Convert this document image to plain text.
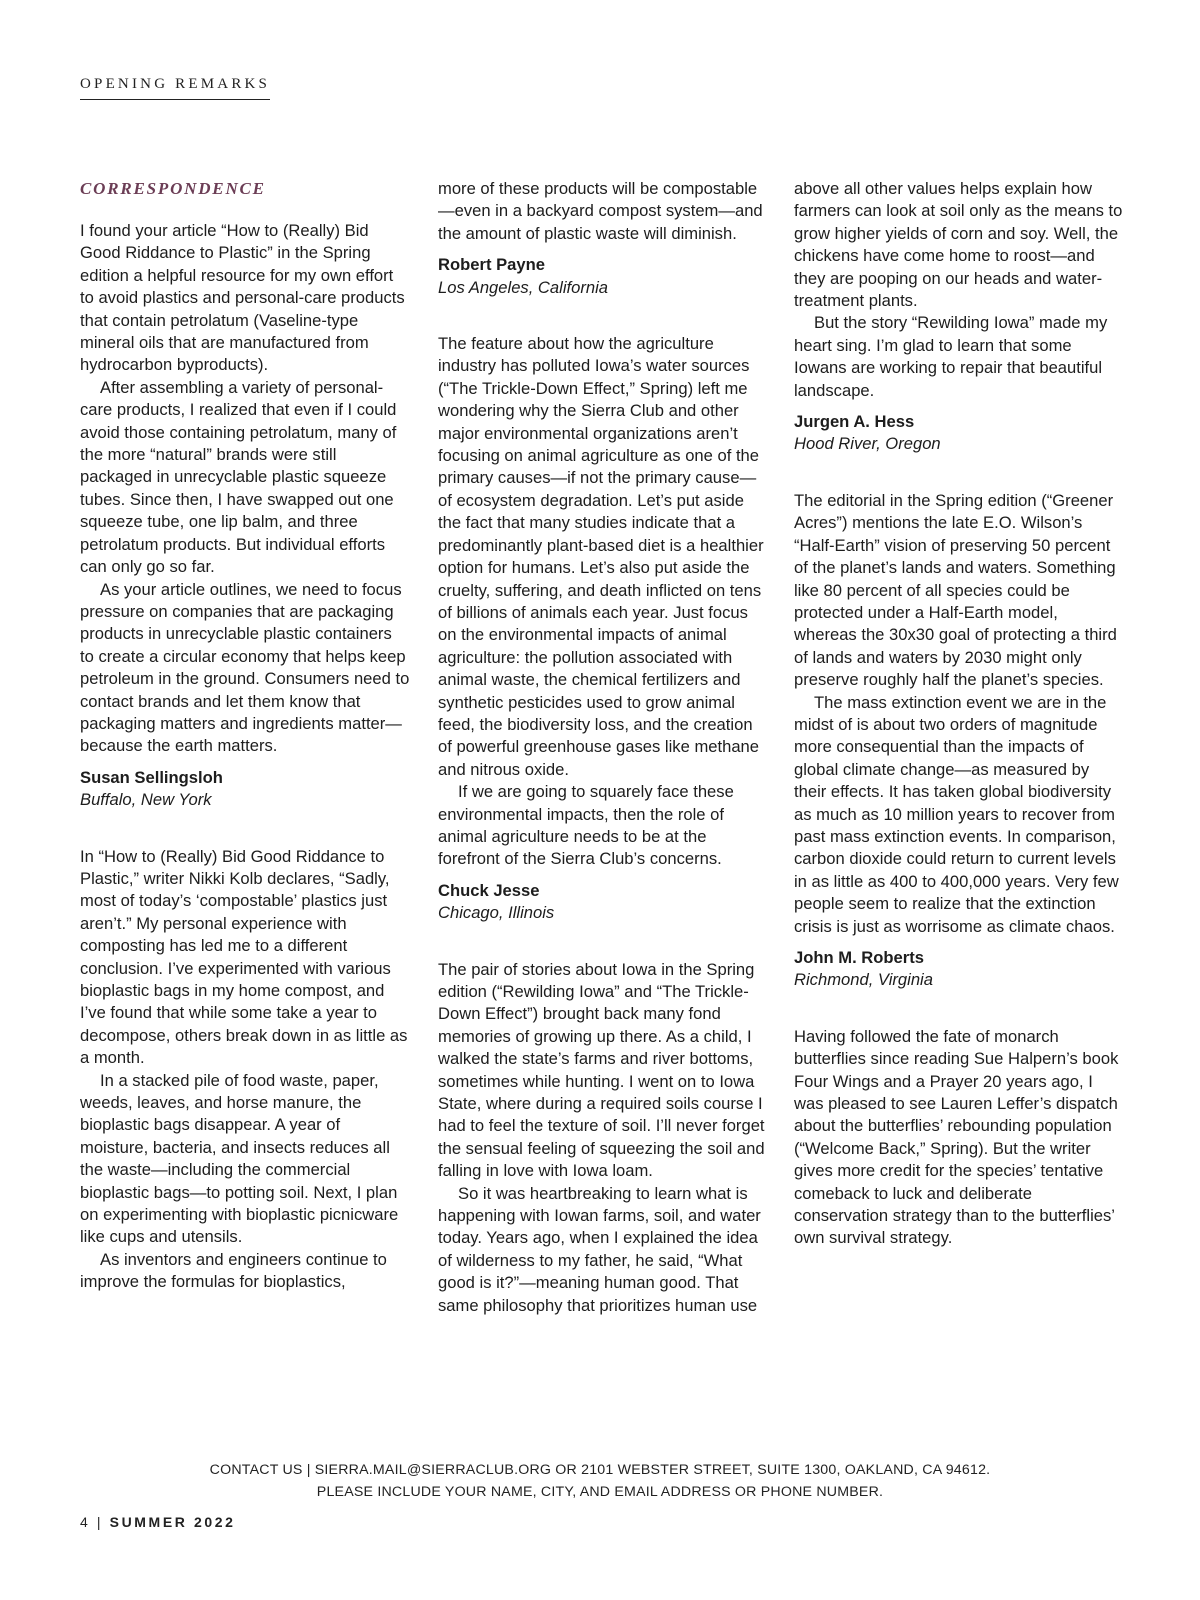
OPENING REMARKS
CORRESPONDENCE

I found your article “How to (Really) Bid Good Riddance to Plastic” in the Spring edition a helpful resource for my own effort to avoid plastics and personal-care products that contain petrolatum (Vaseline-type mineral oils that are manufactured from hydrocarbon byproducts).

After assembling a variety of personal-care products, I realized that even if I could avoid those containing petrolatum, many of the more “natural” brands were still packaged in unrecyclable plastic squeeze tubes. Since then, I have swapped out one squeeze tube, one lip balm, and three petrolatum products. But individual efforts can only go so far.

As your article outlines, we need to focus pressure on companies that are packaging products in unrecyclable plastic containers to create a circular economy that helps keep petroleum in the ground. Consumers need to contact brands and let them know that packaging matters and ingredients matter—because the earth matters.

Susan Sellingsloh
Buffalo, New York

In “How to (Really) Bid Good Riddance to Plastic,” writer Nikki Kolb declares, “Sadly, most of today’s ‘compostable’ plastics just aren’t.” My personal experience with composting has led me to a different conclusion. I’ve experimented with various bioplastic bags in my home compost, and I’ve found that while some take a year to decompose, others break down in as little as a month.

In a stacked pile of food waste, paper, weeds, leaves, and horse manure, the bioplastic bags disappear. A year of moisture, bacteria, and insects reduces all the waste—including the commercial bioplastic bags—to potting soil. Next, I plan on experimenting with bioplastic picnicware like cups and utensils.

As inventors and engineers continue to improve the formulas for bioplastics,

more of these products will be compostable—even in a backyard compost system—and the amount of plastic waste will diminish.

Robert Payne
Los Angeles, California

The feature about how the agriculture industry has polluted Iowa’s water sources (“The Trickle-Down Effect,” Spring) left me wondering why the Sierra Club and other major environmental organizations aren’t focusing on animal agriculture as one of the primary causes—if not the primary cause—of ecosystem degradation. Let’s put aside the fact that many studies indicate that a predominantly plant-based diet is a healthier option for humans. Let’s also put aside the cruelty, suffering, and death inflicted on tens of billions of animals each year. Just focus on the environmental impacts of animal agriculture: the pollution associated with animal waste, the chemical fertilizers and synthetic pesticides used to grow animal feed, the biodiversity loss, and the creation of powerful greenhouse gases like methane and nitrous oxide.

If we are going to squarely face these environmental impacts, then the role of animal agriculture needs to be at the forefront of the Sierra Club’s concerns.

Chuck Jesse
Chicago, Illinois

The pair of stories about Iowa in the Spring edition (“Rewilding Iowa” and “The Trickle-Down Effect”) brought back many fond memories of growing up there. As a child, I walked the state’s farms and river bottoms, sometimes while hunting. I went on to Iowa State, where during a required soils course I had to feel the texture of soil. I’ll never forget the sensual feeling of squeezing the soil and falling in love with Iowa loam.

So it was heartbreaking to learn what is happening with Iowan farms, soil, and water today. Years ago, when I explained the idea of wilderness to my father, he said, “What good is it?”—meaning human good. That same philosophy that prioritizes human use

above all other values helps explain how farmers can look at soil only as the means to grow higher yields of corn and soy. Well, the chickens have come home to roost—and they are pooping on our heads and water-treatment plants.

But the story “Rewilding Iowa” made my heart sing. I’m glad to learn that some Iowans are working to repair that beautiful landscape.

Jurgen A. Hess
Hood River, Oregon

The editorial in the Spring edition (“Greener Acres”) mentions the late E.O. Wilson’s “Half-Earth” vision of preserving 50 percent of the planet’s lands and waters. Something like 80 percent of all species could be protected under a Half-Earth model, whereas the 30x30 goal of protecting a third of lands and waters by 2030 might only preserve roughly half the planet’s species.

The mass extinction event we are in the midst of is about two orders of magnitude more consequential than the impacts of global climate change—as measured by their effects. It has taken global biodiversity as much as 10 million years to recover from past mass extinction events. In comparison, carbon dioxide could return to current levels in as little as 400 to 400,000 years. Very few people seem to realize that the extinction crisis is just as worrisome as climate chaos.

John M. Roberts
Richmond, Virginia

Having followed the fate of monarch butterflies since reading Sue Halpern’s book Four Wings and a Prayer 20 years ago, I was pleased to see Lauren Leffer’s dispatch about the butterflies’ rebounding population (“Welcome Back,” Spring). But the writer gives more credit for the species’ tentative comeback to luck and deliberate conservation strategy than to the butterflies’ own survival strategy.

CONTACT US | SIERRA.MAIL@SIERRACLUB.ORG OR 2101 WEBSTER STREET, SUITE 1300, OAKLAND, CA 94612.
PLEASE INCLUDE YOUR NAME, CITY, AND EMAIL ADDRESS OR PHONE NUMBER.
4 | SUMMER 2022
